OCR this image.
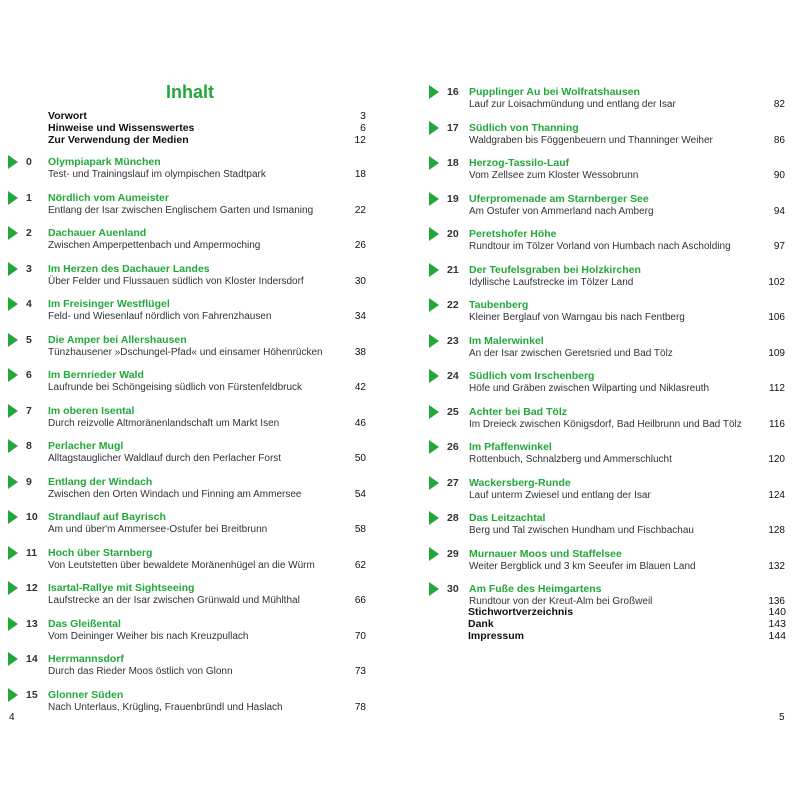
Inhalt
Vorwort	3
Hinweise und Wissenswertes	6
Zur Verwendung der Medien	12
0 Olympiapark München
Test- und Trainingslauf im olympischen Stadtpark	18
1 Nördlich vom Aumeister
Entlang der Isar zwischen Englischem Garten und Ismaning	22
2 Dachauer Auenland
Zwischen Amperpettenbach und Ampermoching	26
3 Im Herzen des Dachauer Landes
Über Felder und Flussauen südlich von Kloster Indersdorf	30
4 Im Freisinger Westflügel
Feld- und Wiesenlauf nördlich von Fahrenzhausen	34
5 Die Amper bei Allershausen
Tünzhausener »Dschungel-Pfad« und einsamer Höhenrücken	38
6 Im Bernrieder Wald
Laufrunde bei Schöngeising südlich von Fürstenfeldbruck	42
7 Im oberen Isental
Durch reizvolle Altmoränenlandschaft um Markt Isen	46
8 Perlacher Mugl
Alltagstauglicher Waldlauf durch den Perlacher Forst	50
9 Entlang der Windach
Zwischen den Orten Windach und Finning am Ammersee	54
10 Strandlauf auf Bayrisch
Am und über'm Ammersee-Ostufer bei Breitbrunn	58
11 Hoch über Starnberg
Von Leutstetten über bewaldete Moränenhügel an die Würm	62
12 Isartal-Rallye mit Sightseeing
Laufstrecke an der Isar zwischen Grünwald und Mühlthal	66
13 Das Gleißental
Vom Deininger Weiher bis nach Kreuzpullach	70
14 Herrmannsdorf
Durch das Rieder Moos östlich von Glonn	73
15 Glonner Süden
Nach Unterlaus, Krügling, Frauenbründl und Haslach	78
4
16 Pupplinger Au bei Wolfratshausen
Lauf zur Loisachmündung und entlang der Isar	82
17 Südlich von Thanning
Waldgraben bis Föggenbeuern und Thanninger Weiher	86
18 Herzog-Tassilo-Lauf
Vom Zellsee zum Kloster Wessobrunn	90
19 Uferpromenade am Starnberger See
Am Ostufer von Ammerland nach Amberg	94
20 Peretshofer Höhe
Rundtour im Tölzer Vorland von Humbach nach Ascholding	97
21 Der Teufelsgraben bei Holzkirchen
Idyllische Laufstrecke im Tölzer Land	102
22 Taubenberg
Kleiner Berglauf von Warngau bis nach Fentberg	106
23 Im Malerwinkel
An der Isar zwischen Geretsried und Bad Tölz	109
24 Südlich vom Irschenberg
Höfe und Gräben zwischen Wilparting und Niklasreuth	112
25 Achter bei Bad Tölz
Im Dreieck zwischen Königsdorf, Bad Heilbrunn und Bad Tölz	116
26 Im Pfaffenwinkel
Rottenbuch, Schnalzberg und Ammerschlucht	120
27 Wackersberg-Runde
Lauf unterm Zwiesel und entlang der Isar	124
28 Das Leitzachtal
Berg und Tal zwischen Hundham und Fischbachau	128
29 Murnauer Moos und Staffelsee
Weiter Bergblick und 3 km Seeufer im Blauen Land	132
30 Am Fuße des Heimgartens
Rundtour von der Kreut-Alm bei Großweil	136
Stichwortverzeichnis	140
Dank	143
Impressum	144
5
